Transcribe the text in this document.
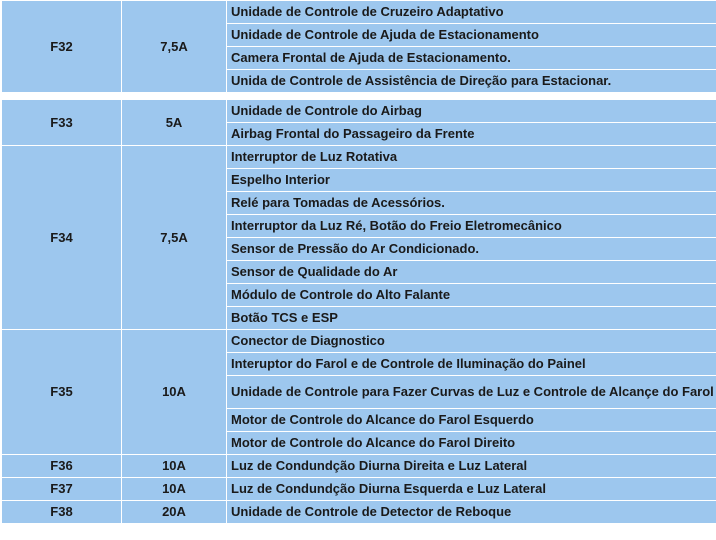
F32	7,5A	Unidade de Controle de Cruzeiro Adaptativo
Unidade de Controle de Ajuda de Estacionamento
Camera Frontal de Ajuda de Estacionamento.
Unida de Controle de Assistência de Direção para Estacionar.
F33	5A	Unidade de Controle do Airbag
		Airbag Frontal do Passageiro da Frente
F34	7,5A	Interruptor de Luz Rotativa
		Espelho Interior
		Relé para Tomadas de Acessórios.
		Interruptor da Luz Ré, Botão do Freio Eletromecânico
		Sensor de Pressão do Ar Condicionado.
		Sensor de Qualidade do Ar
		Módulo de Controle do Alto Falante
		Botão TCS e ESP
F35	10A	Conector de Diagnostico
		Interuptor do Farol e de Controle de Iluminação do Painel
		Unidade de Controle para Fazer Curvas de Luz e Controle de Alcançe do Farol
		Motor de Controle do Alcance do Farol Esquerdo
		Motor de Controle do Alcance do Farol Direito
F36	10A	Luz de Condundção Diurna Direita e Luz Lateral
F37	10A	Luz de Condundção Diurna Esquerda e Luz Lateral
F38	20A	Unidade de Controle de Detector de Reboque
